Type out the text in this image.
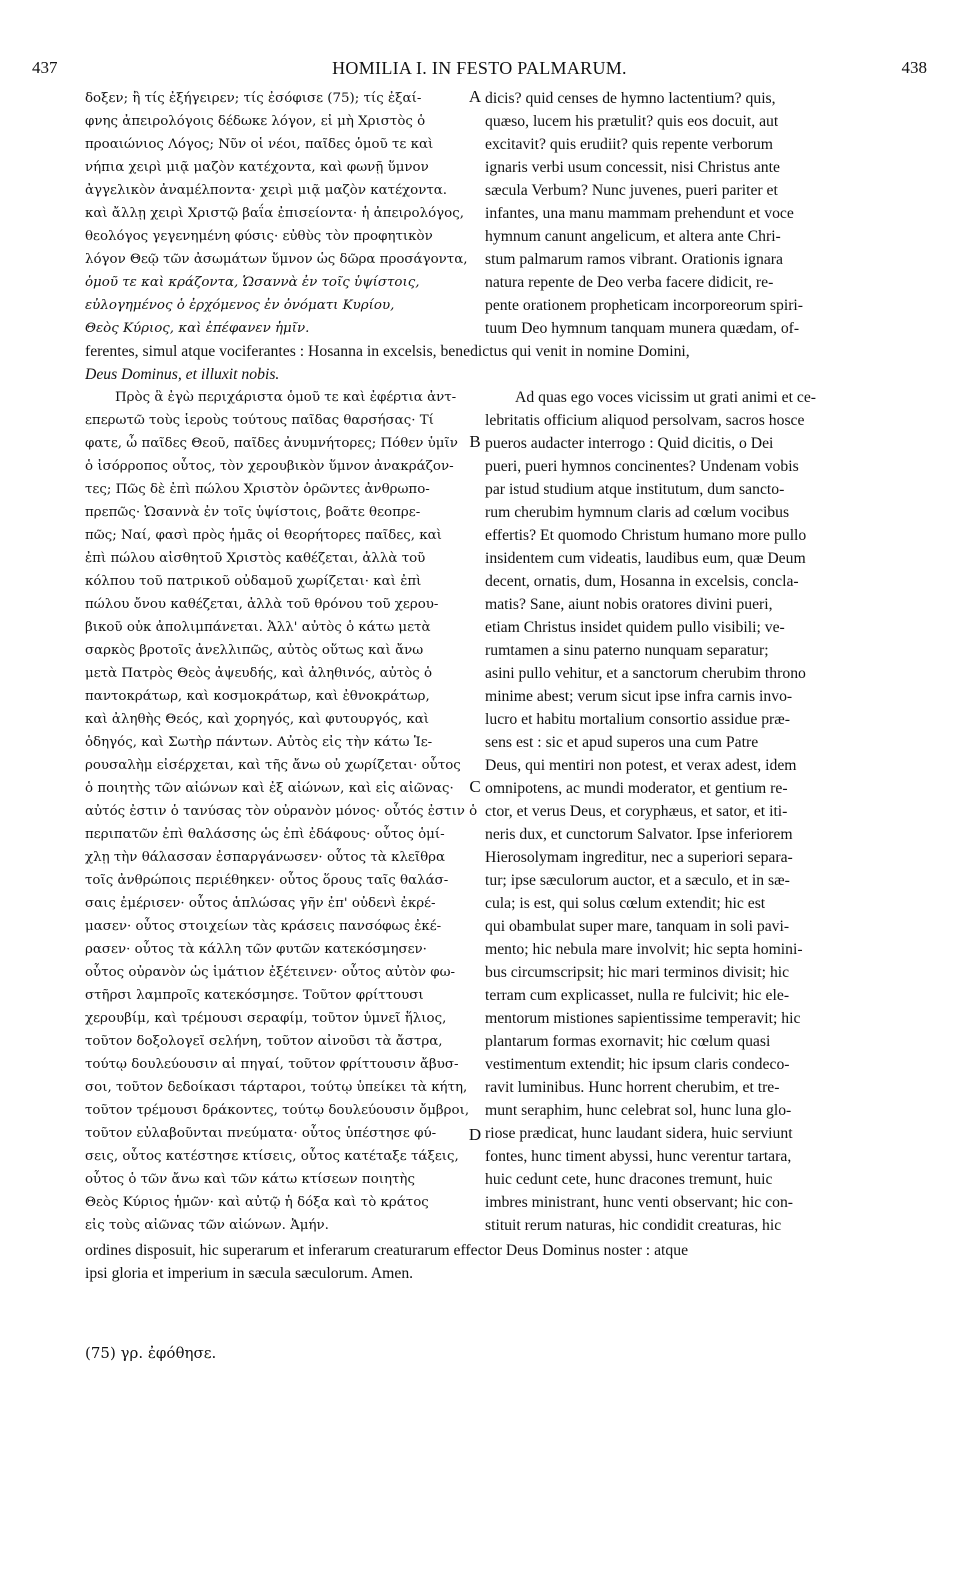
437	HOMILIA I. IN FESTO PALMARUM.	438
δοξεν; ἢ τίς ἐξήγειρεν; τίς ἐσόφισε (75); τίς ἐξαί-
φνης ἀπειρολόγοις δέδωκε λόγον, εἰ μὴ Χριστὸς ὁ
προαιώνιος Λόγος; Νῦν οἱ νέοι, παῖδες ὁμοῦ τε καὶ
νήπια χειρὶ μιᾷ μαζὸν κατέχοντα, καὶ φωνῇ ὕμνον
ἀγγελικὸν ἀναμέλποντα· χειρὶ μιᾷ μαζὸν κατέχοντα.
καὶ ἄλλῃ χειρὶ Χριστῷ βαΐα ἐπισείοντα· ἡ ἀπειρολόγος,
θεολόγος γεγενημένη φύσις· εὐθὺς τὸν προφητικὸν
λόγον Θεῷ τῶν ἀσωμάτων ὕμνον ὡς δῶρα προσάγοντα,
ὁμοῦ τε καὶ κράζοντα, Ὡσαννὰ ἐν τοῖς ὑψίστοις,
εὐλογημένος ὁ ἐρχόμενος ἐν ὀνόματι Κυρίου,
Θεὸς Κύριος, καὶ ἐπέφανεν ἡμῖν.
Πρὸς ἃ ἐγὼ περιχάριστα ὁμοῦ τε καὶ ἐφέρτια ἀντ-
επερωτῶ τοὺς ἱεροὺς τούτους παῖδας θαρσήσας· Τί
φατε, ὦ παῖδες Θεοῦ, παῖδες ἀνυμνήτορες; Πόθεν ὑμῖν
ὁ ἰσόρροπος οὗτος, τὸν χερουβικὸν ὕμνον ἀνακράζον-
τες; Πῶς δὲ ἐπὶ πώλου Χριστὸν ὁρῶντες ἀνθρωπο-
πρεπῶς· Ὡσαννὰ ἐν τοῖς ὑψίστοις, βοᾶτε θεοπρε-
πῶς; Ναί, φασὶ πρὸς ἡμᾶς οἱ θεορήτορες παῖδες, καὶ
ἐπὶ πώλου αἰσθητοῦ Χριστὸς καθέζεται, ἀλλὰ τοῦ
κόλπου τοῦ πατρικοῦ οὐδαμοῦ χωρίζεται· καὶ ἐπὶ
πώλου ὄνου καθέζεται, ἀλλὰ τοῦ θρόνου τοῦ χερου-
βικοῦ οὐκ ἀπολιμπάνεται. Ἀλλ' αὐτὸς ὁ κάτω μετὰ
σαρκὸς βροτοῖς ἀνελλιπῶς, αὐτὸς οὕτως καὶ ἄνω
μετὰ Πατρὸς Θεὸς ἀψευδής, καὶ ἀληθινός, αὐτὸς ὁ
παντοκράτωρ, καὶ κοσμοκράτωρ, καὶ ἐθνοκράτωρ,
καὶ ἀληθὴς Θεός, καὶ χορηγός, καὶ φυτουργός, καὶ
ὁδηγός, καὶ Σωτὴρ πάντων. Αὐτὸς εἰς τὴν κάτω Ἱε-
ρουσαλὴμ εἰσέρχεται, καὶ τῆς ἄνω οὐ χωρίζεται· οὗτος
ὁ ποιητὴς τῶν αἰώνων καὶ ἐξ αἰώνων, καὶ εἰς αἰῶνας·
αὐτός ἐστιν ὁ τανύσας τὸν οὐρανὸν μόνος· οὗτός ἐστιν ὁ
περιπατῶν ἐπὶ θαλάσσης ὡς ἐπὶ ἐδάφους· οὗτος ὁμί-
χλῃ τὴν θάλασσαν ἐσπαργάνωσεν· οὗτος τὰ κλεῖθρα
τοῖς ἀνθρώποις περιέθηκεν· οὗτος ὅρους ταῖς θαλάσ-
σαις ἐμέρισεν· οὗτος ἁπλώσας γῆν ἐπ' οὐδενὶ ἐκρέ-
μασεν· οὗτος στοιχείων τὰς κράσεις πανσόφως ἐκέ-
ρασεν· οὗτος τὰ κάλλη τῶν φυτῶν κατεκόσμησεν·
οὗτος οὐρανὸν ὡς ἱμάτιον ἐξέτεινεν· οὗτος αὐτὸν φω-
στῆρσι λαμπροῖς κατεκόσμησε. Τοῦτον φρίττουσι
χερουβίμ, καὶ τρέμουσι σεραφίμ, τοῦτον ὑμνεῖ ἥλιος,
τοῦτον δοξολογεῖ σελήνη, τοῦτον αἰνοῦσι τὰ ἄστρα,
τούτῳ δουλεύουσιν αἱ πηγαί, τοῦτον φρίττουσιν ἄβυσ-
σοι, τοῦτον δεδοίκασι τάρταροι, τούτῳ ὑπείκει τὰ κήτη,
τοῦτον τρέμουσι δράκοντες, τούτῳ δουλεύουσιν ὄμβροι,
τοῦτον εὐλαβοῦνται πνεύματα· οὗτος ὑπέστησε φύ-
σεις, οὗτος κατέστησε κτίσεις, οὗτος κατέταξε τάξεις,
οὗτος ὁ τῶν ἄνω καὶ τῶν κάτω κτίσεων ποιητὴς
Θεὸς Κύριος ἡμῶν· καὶ αὐτῷ ἡ δόξα καὶ τὸ κράτος
εἰς τοὺς αἰῶνας τῶν αἰώνων. Ἀμήν.
ferentes, simul atque vociferantes : Hosanna in excelsis, benedictus qui venit in nomine Domini,
Deus Dominus, et illuxit nobis.
dicis? quid censes de hymno lactentium? quis,
quæso, lucem his prætulit? quis eos docuit, aut
excitavit? quis erudiit? quis repente verborum
ignaris verbi usum concessit, nisi Christus ante
sæcula Verbum? Nunc juvenes, pueri pariter et
infantes, una manu mammam prehendunt et voce
hymnum canunt angelicum, et altera ante Chri-
stum palmarum ramos vibrant. Orationis ignara
natura repente de Deo verba facere didicit, re-
pente orationem propheticam incorporeorum spiri-
tuum Deo hymnum tanquam munera quædam, of-
Ad quas ego voces vicissim ut grati animi et ce-
lebritatis officium aliquod persolvam, sacros hosce
pueros audacter interrogo : Quid dicitis, o Dei
pueri, pueri hymnos concinentes? Undenam vobis
par istud studium atque institutum, dum sancto-
rum cherubim hymnum claris ad cœlum vocibus
effertis? Et quomodo Christum humano more pullo
insidentem cum videatis, laudibus eum, quæ Deum
decent, ornatis, dum, Hosanna in excelsis, concla-
matis? Sane, aiunt nobis oratores divini pueri,
etiam Christus insidet quidem pullo visibili; ve-
rumtamen a sinu paterno nunquam separatur;
asini pullo vehitur, et a sanctorum cherubim throno
minime abest; verum sicut ipse infra carnis invo-
lucro et habitu mortalium consortio assidue præ-
sens est : sic et apud superos una cum Patre
Deus, qui mentiri non potest, et verax adest, idem
omnipotens, ac mundi moderator, et gentium re-
ctor, et verus Deus, et coryphæus, et sator, et iti-
neris dux, et cunctorum Salvator. Ipse inferiorem
Hierosolymam ingreditur, nec a superiori separa-
tur; ipse sæculorum auctor, et a sæculo, et in sæ-
cula; is est, qui solus cœlum extendit; hic est
qui obambulat super mare, tanquam in soli pavi-
mento; hic nebula mare involvit; hic septa homini-
bus circumscripsit; hic mari terminos divisit; hic
terram cum explicasset, nulla re fulcivit; hic ele-
mentorum mistiones sapientissime temperavit; hic
plantarum formas exornavit; hic cœlum quasi
vestimentum extendit; hic ipsum claris condeco-
ravit luminibus. Hunc horrent cherubim, et tre-
munt seraphim, hunc celebrat sol, hunc luna glo-
riose prædicat, hunc laudant sidera, huic serviunt
fontes, hunc timent abyssi, hunc verentur tartara,
huic cedunt cete, hunc dracones tremunt, huic
imbres ministrant, hunc venti observant; hic con-
stituit rerum naturas, hic condidit creaturas, hic
A
B
C
D
ordines disposuit, hic superarum et inferarum creaturarum effector Deus Dominus noster : atque
ipsi gloria et imperium in sæcula sæculorum. Amen.
(75) γρ. ἐφόθησε.
